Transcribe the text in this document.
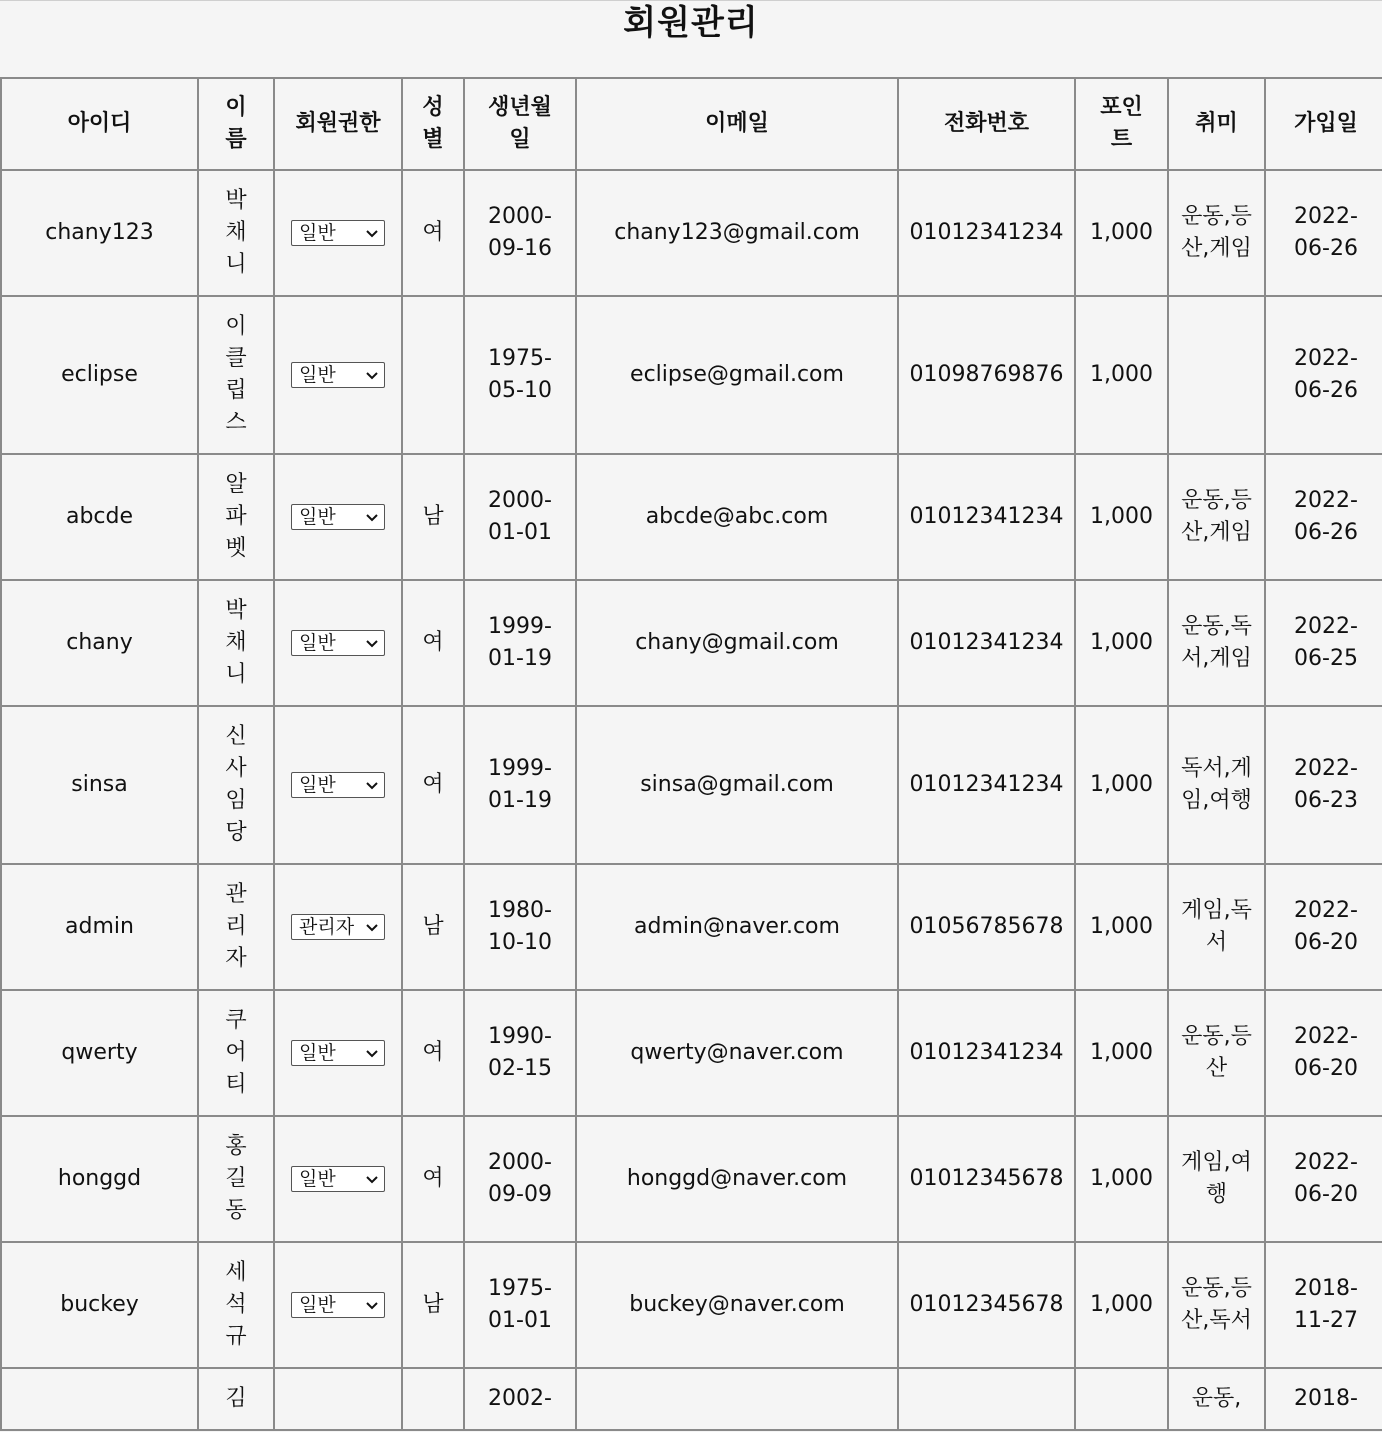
회원관리
아이디	이름	회원권한	성별	생년월일	이메일	전화번호	포인트	취미	가입일
chany123	박채니	일반	여	2000-09-16	chany123@gmail.com	01012341234	1,000	운동,등산,게임	2022-06-26
eclipse	이클립스	일반		1975-05-10	eclipse@gmail.com	01098769876	1,000		2022-06-26
abcde	알파벳	일반	남	2000-01-01	abcde@abc.com	01012341234	1,000	운동,등산,게임	2022-06-26
chany	박채니	일반	여	1999-01-19	chany@gmail.com	01012341234	1,000	운동,독서,게임	2022-06-25
sinsa	신사임당	일반	여	1999-01-19	sinsa@gmail.com	01012341234	1,000	독서,게임,여행	2022-06-23
admin	관리자	관리자	남	1980-10-10	admin@naver.com	01056785678	1,000	게임,독서	2022-06-20
qwerty	쿠어티	일반	여	1990-02-15	qwerty@naver.com	01012341234	1,000	운동,등산	2022-06-20
honggd	홍길동	일반	여	2000-09-09	honggd@naver.com	01012345678	1,000	게임,여행	2022-06-20
buckey	세석규	일반	남	1975-01-01	buckey@naver.com	01012345678	1,000	운동,등산,독서	2018-11-27
	김			2002-				운동,	2018-
